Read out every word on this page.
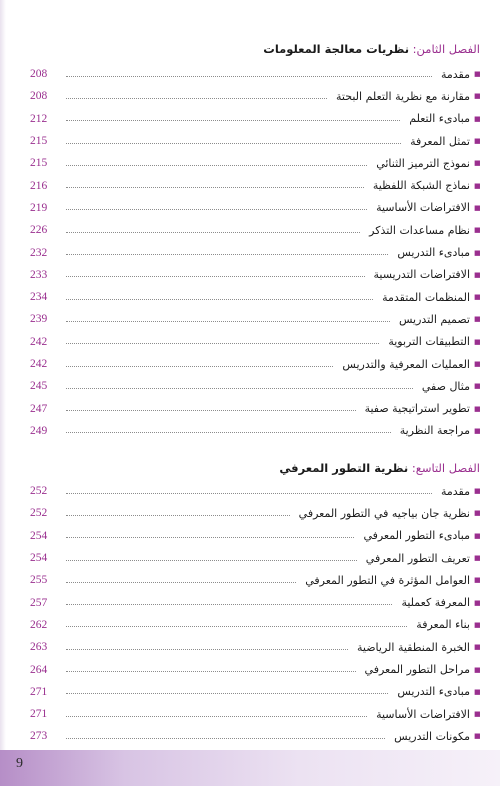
الفصل الثامن: نظريات معالجة المعلومات
■
مقدمة
208
■
مقارنة مع نظرية التعلم البحتة
208
■
مبادىء التعلم
212
■
تمثل المعرفة
215
■
نموذج الترميز الثنائي
215
■
نماذج الشبكة اللفظية
216
■
الافتراضات الأساسية
219
■
نظام مساعدات التذكر
226
■
مبادىء التدريس
232
■
الافتراضات التدريسية
233
■
المنظمات المتقدمة
234
■
تصميم التدريس
239
■
التطبيقات التربوية
242
■
العمليات المعرفية والتدريس
242
■
مثال صفي
245
■
تطوير استراتيجية صفية
247
■
مراجعة النظرية
249
الفصل التاسع: نظرية التطور المعرفي
■
مقدمة
252
■
نظرية جان بياجيه في التطور المعرفي
252
■
مبادىء التطور المعرفي
254
■
تعريف التطور المعرفي
254
■
العوامل المؤثرة في التطور المعرفي
255
■
المعرفة كعملية
257
■
بناء المعرفة
262
■
الخبرة المنطقية الرياضية
263
■
مراحل التطور المعرفي
264
■
مبادىء التدريس
271
■
الافتراضات الأساسية
271
■
مكونات التدريس
273
9
